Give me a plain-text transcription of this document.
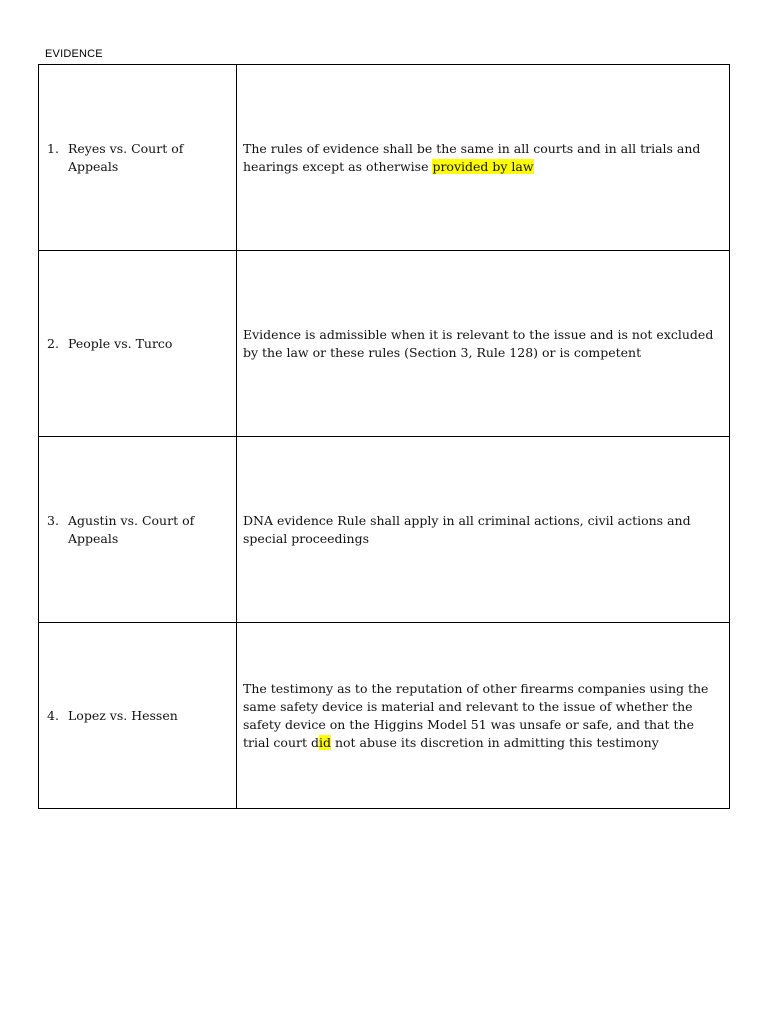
EVIDENCE
1. Reyes vs. Court of Appeals	The rules of evidence shall be the same in all courts and in all trials and hearings except as otherwise provided by law

2. People vs. Turco	Evidence is admissible when it is relevant to the issue and is not excluded by the law or these rules (Section 3, Rule 128) or is competent

3. Agustin vs. Court of Appeals	DNA evidence Rule shall apply in all criminal actions, civil actions and special proceedings

4. Lopez vs. Hessen	The testimony as to the reputation of other firearms companies using the same safety device is material and relevant to the issue of whether the safety device on the Higgins Model 51 was unsafe or safe, and that the trial court did not abuse its discretion in admitting this testimony
